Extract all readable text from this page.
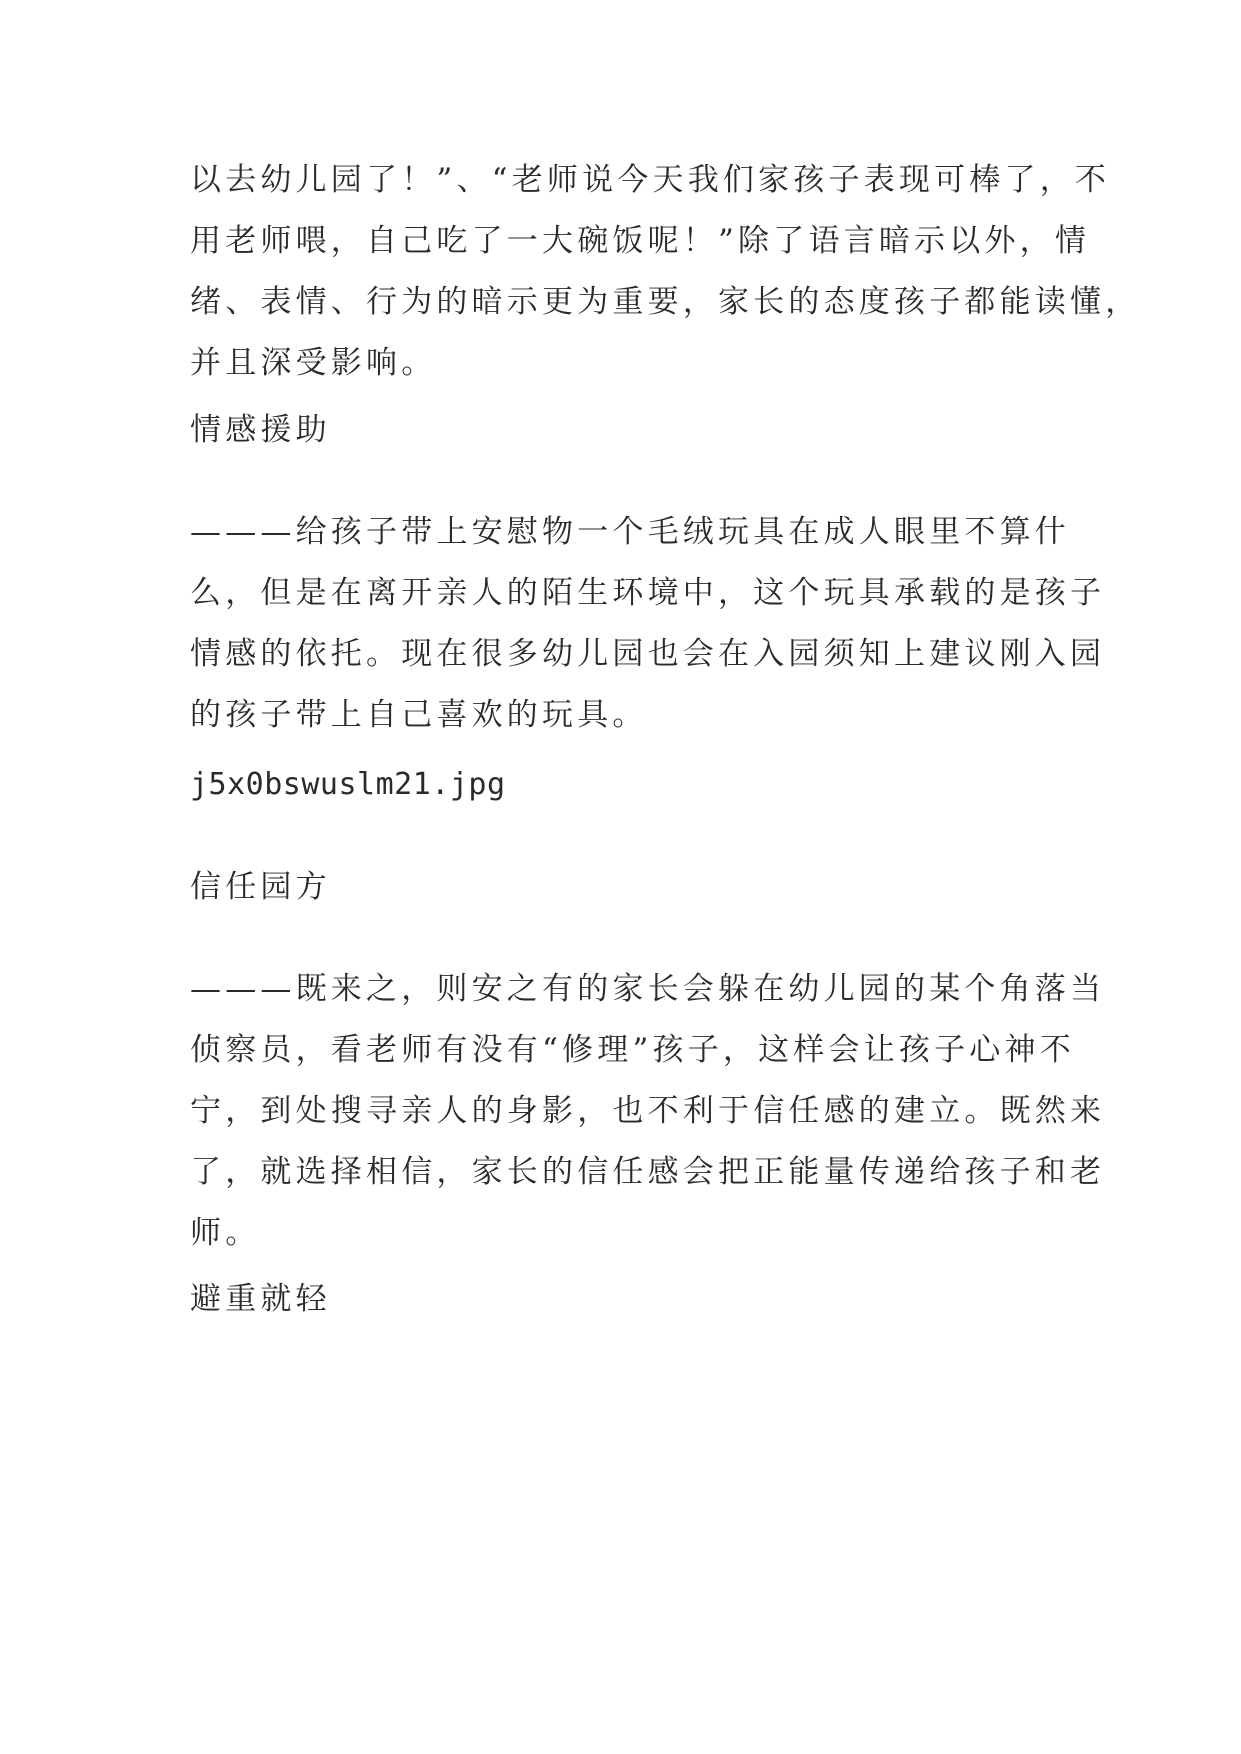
以去幼儿园了！”、“老师说今天我们家孩子表现可棒了，不
用老师喂，自己吃了一大碗饭呢！”除了语言暗示以外，情
绪、表情、行为的暗示更为重要，家长的态度孩子都能读懂，
并且深受影响。
情感援助
———给孩子带上安慰物一个毛绒玩具在成人眼里不算什
么，但是在离开亲人的陌生环境中，这个玩具承载的是孩子
情感的依托。现在很多幼儿园也会在入园须知上建议刚入园
的孩子带上自己喜欢的玩具。

j5x0bswuslm21.jpg

信任园方
———既来之，则安之有的家长会躲在幼儿园的某个角落当
侦察员，看老师有没有“修理”孩子，这样会让孩子心神不
宁，到处搜寻亲人的身影，也不利于信任感的建立。既然来
了，就选择相信，家长的信任感会把正能量传递给孩子和老
师。
避重就轻
